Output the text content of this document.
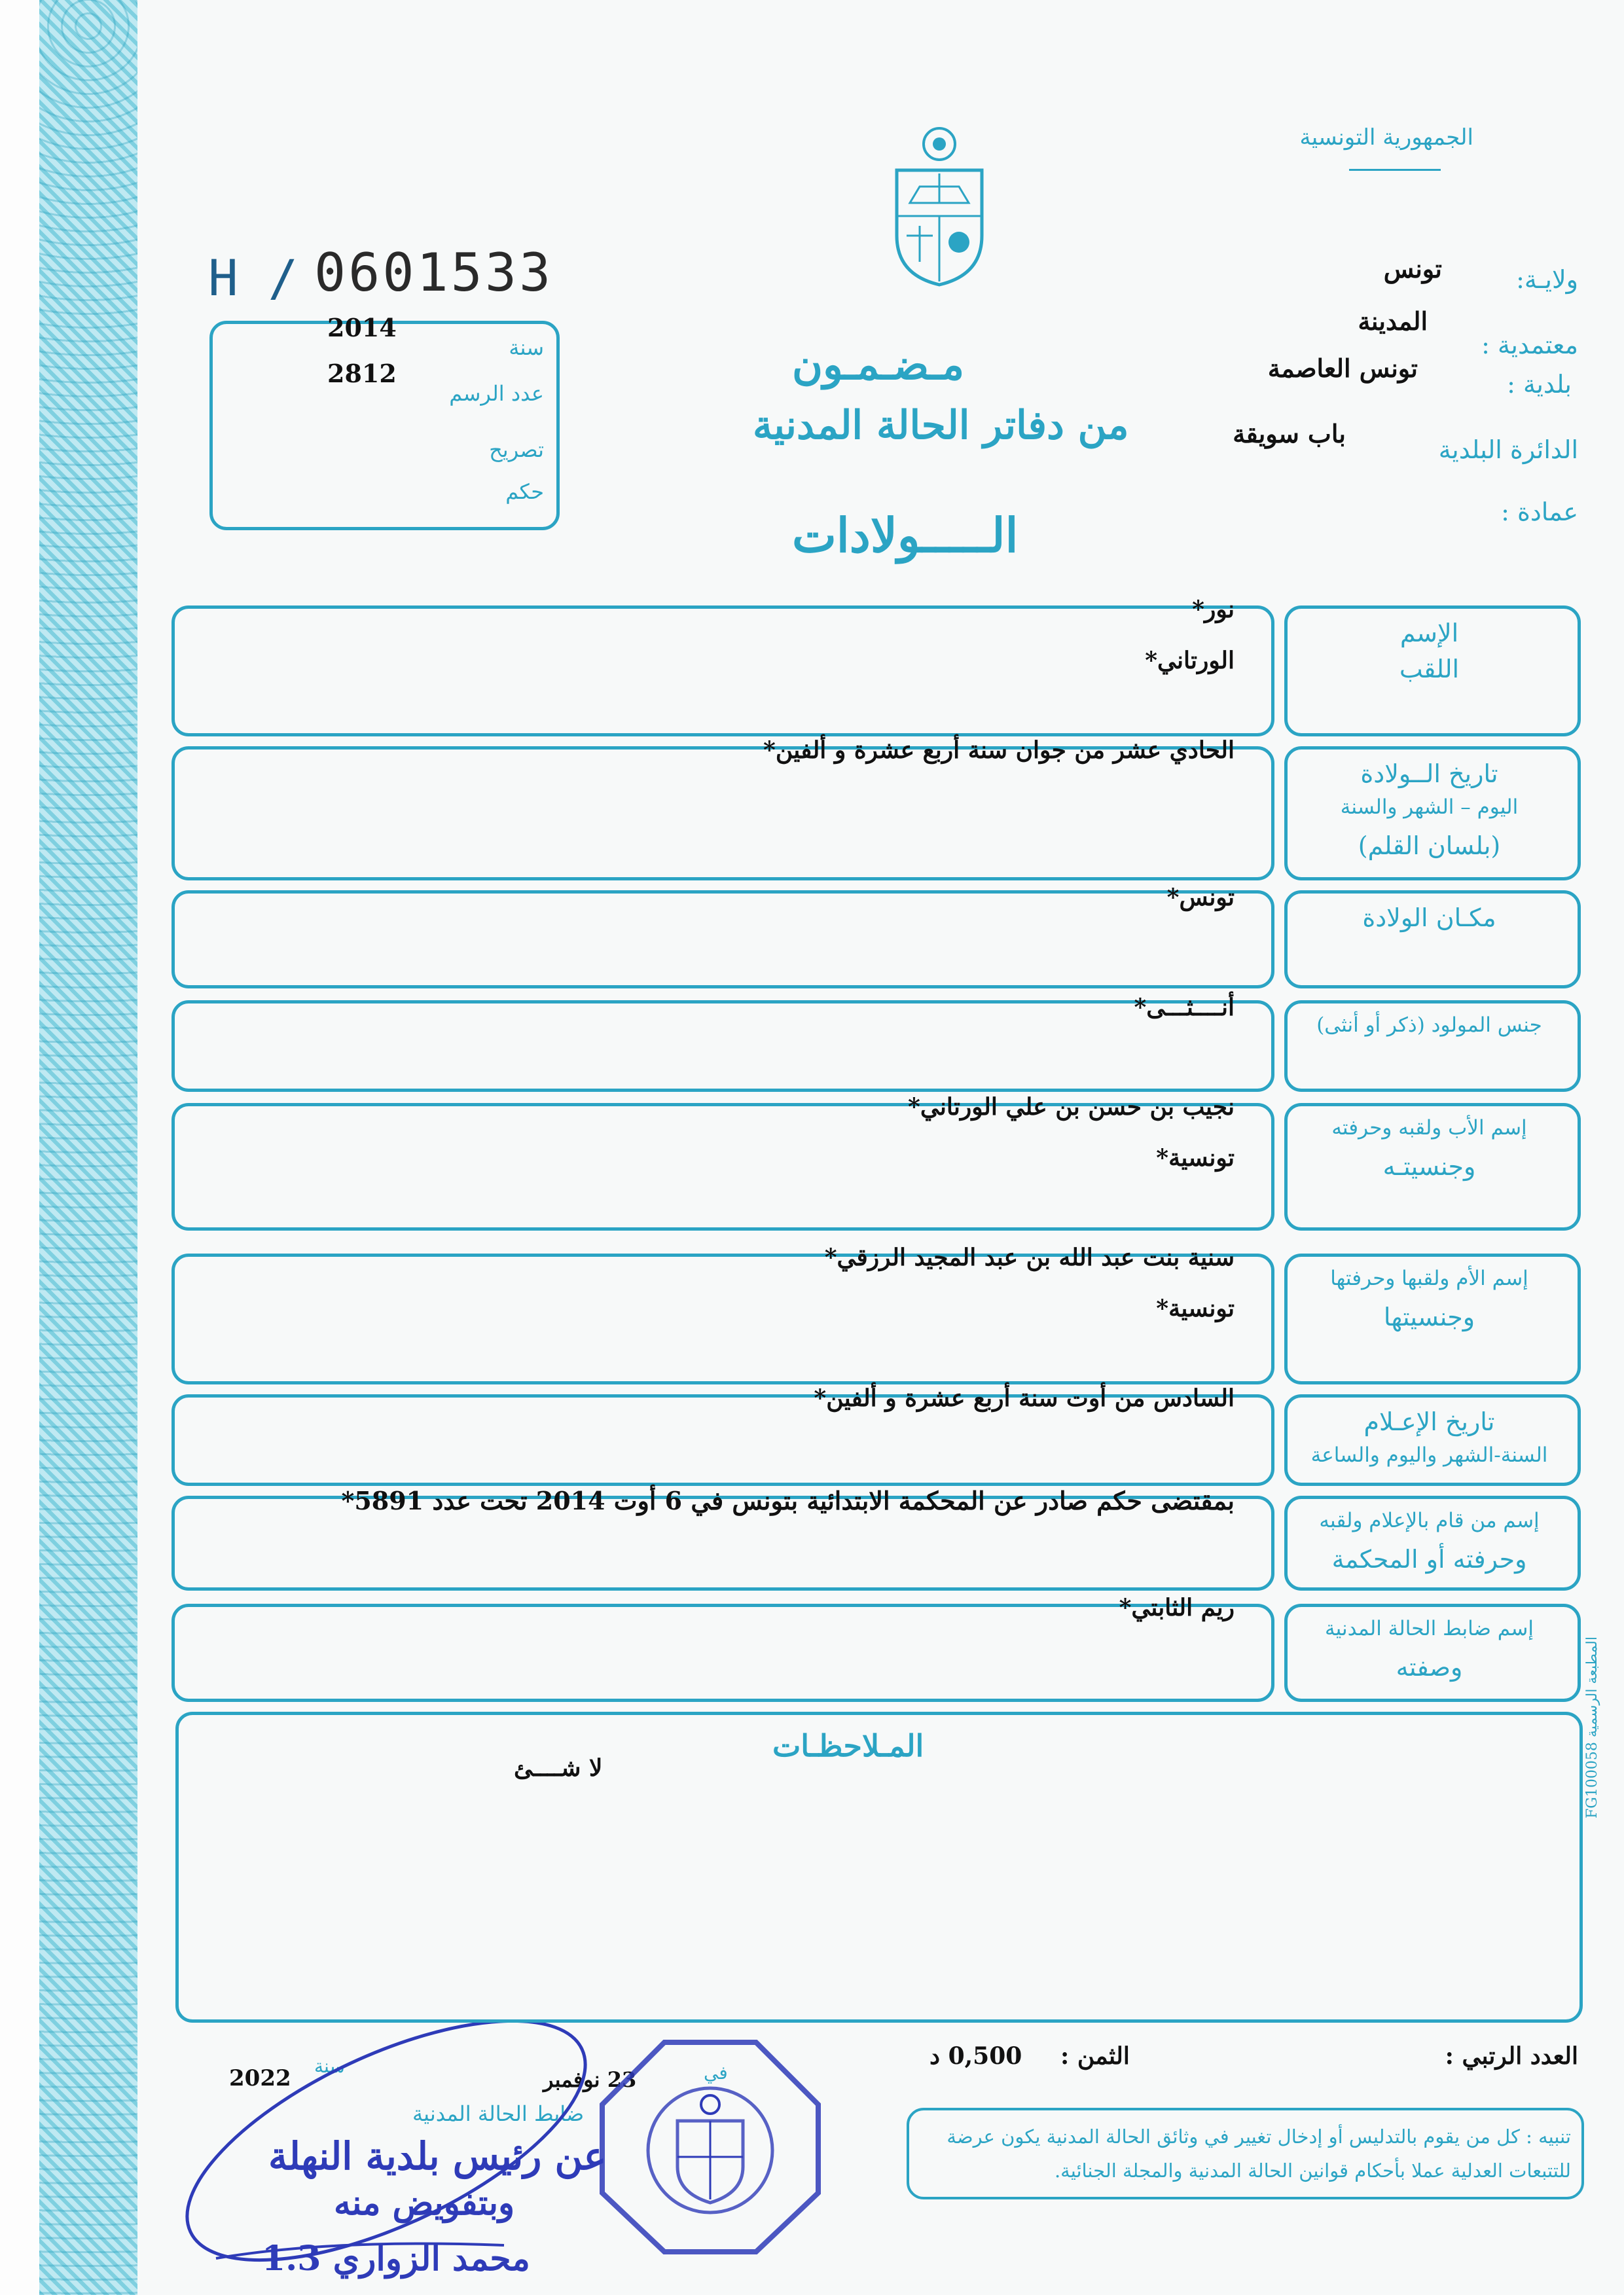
الجمهورية التونسية
H / 0601533
2014
سنة
2812
عدد الرسم
تصريح
حكم
مـضـمـون
من دفاتر الحالة المدنية
الـــــولادات
ولايـة:
تونس
المدينة
معتمدية :
تونس العاصمة
بلدية :
باب سويقة
الدائرة البلدية
عمادة :
الإسم
اللقب
نور*
الورتاني*
تاريخ الــولادة
اليوم – الشهر والسنة
(بلسان القلم)
الحادي عشر من جوان سنة أربع عشرة و ألفين*
مكـان الولادة
تونس*
جنس المولود (ذكر أو أنثى)
أنــــثـــى*
إسم الأب ولقبه وحرفته
وجنسيتـه
نجيب بن حسن بن علي الورتاني*
تونسية*
إسم الأم ولقبها وحرفتها
وجنسيتها
سنية بنت عبد الله بن عبد المجيد الرزقي*
تونسية*
تاريخ الإعـلام
السنة-الشهر واليوم والساعة
السادس من أوت سنة أربع عشرة و ألفين*
إسم من قام بالإعلام ولقبه
وحرفته أو المحكمة
بمقتضى حكم صادر عن المحكمة الابتدائية بتونس في 6 أوت 2014 تحت عدد 5891*
إسم ضابط الحالة المدنية
وصفته
ريم الثابتي*
المـلاحظـات
لا شــــئ	المطبعة الرسمية FG100058
العدد الرتبي :
الثمن :
0,500 د
تنبيه : كل من يقوم بالتدليس أو إدخال تغيير في وثائق الحالة المدنية يكون عرضة للتتبعات العدلية عملا بأحكام قوانين الحالة المدنية والمجلة الجنائية.
في
23 نوفمبر
سنة
2022
ضابط الحالة المدنية
عن رئيس بلدية النهلة
وبتفويض منه
محمد الزواري 1.3
